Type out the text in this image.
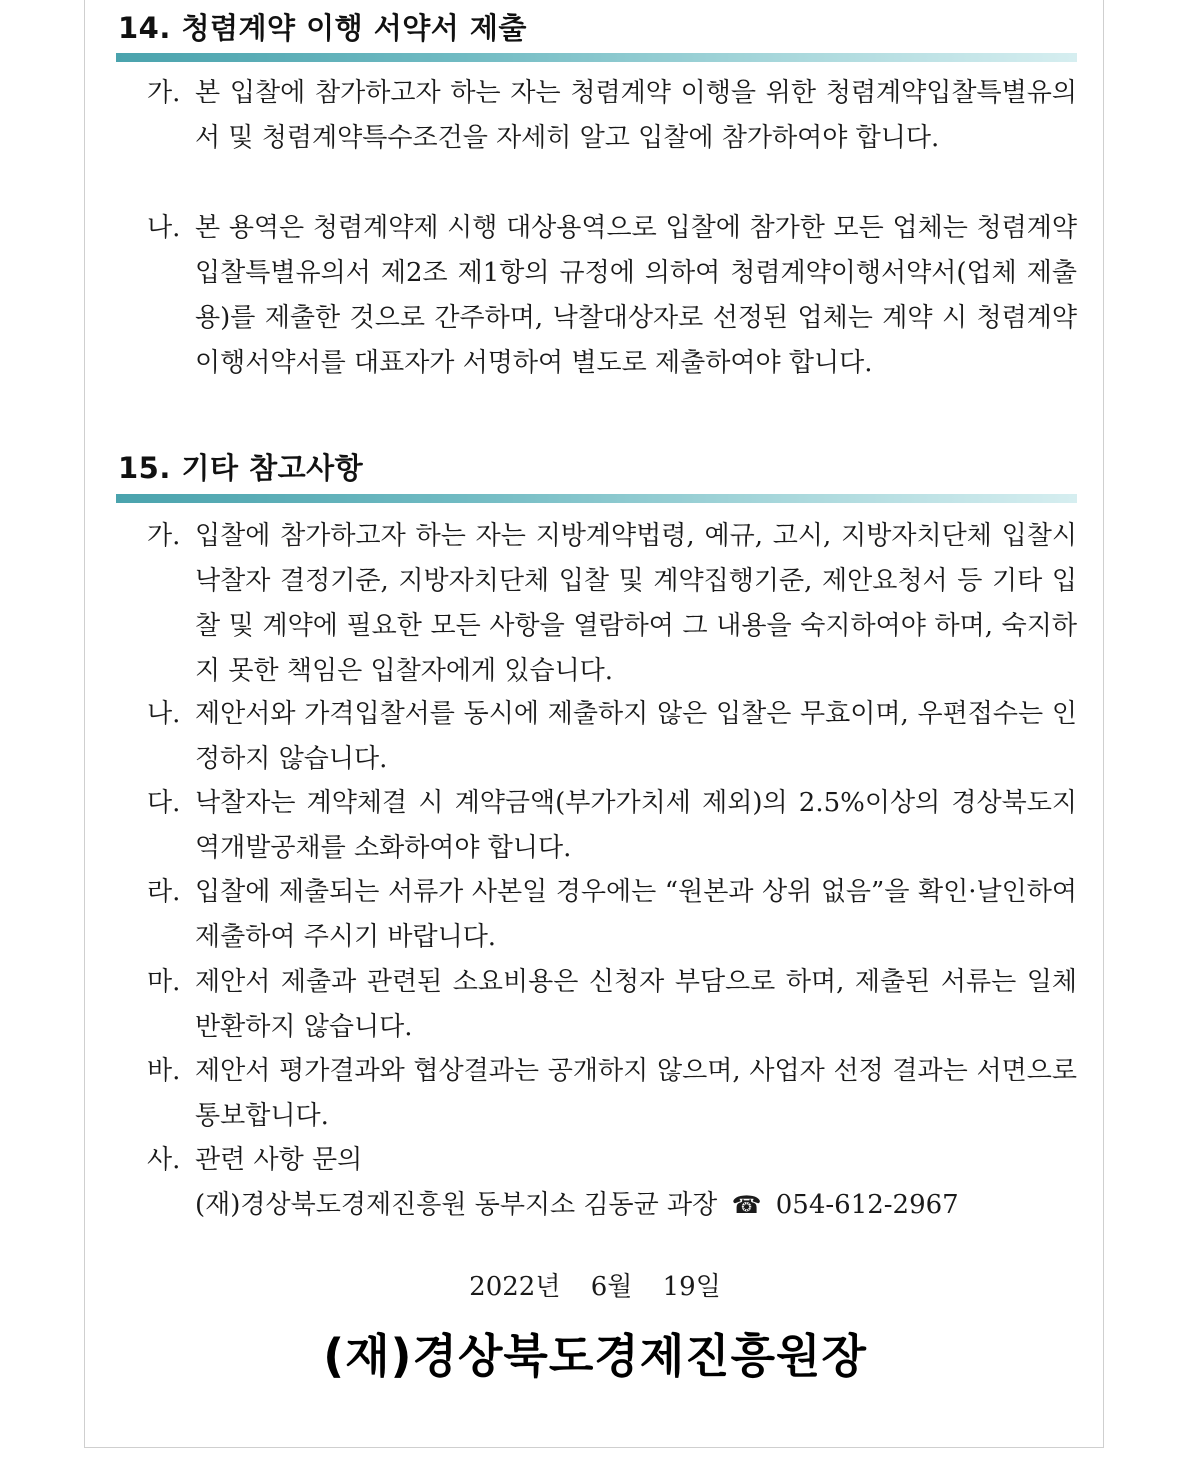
14. 청렴계약 이행 서약서 제출
가. 본 입찰에 참가하고자 하는 자는 청렴계약 이행을 위한 청렴계약입찰특별유의서 및 청렴계약특수조건을 자세히 알고 입찰에 참가하여야 합니다.
나. 본 용역은 청렴계약제 시행 대상용역으로 입찰에 참가한 모든 업체는 청렴계약입찰특별유의서 제2조 제1항의 규정에 의하여 청렴계약이행서약서(업체 제출용)를 제출한 것으로 간주하며, 낙찰대상자로 선정된 업체는 계약 시 청렴계약이행서약서를 대표자가 서명하여 별도로 제출하여야 합니다.
15. 기타 참고사항
가. 입찰에 참가하고자 하는 자는 지방계약법령, 예규, 고시, 지방자치단체 입찰시 낙찰자 결정기준, 지방자치단체 입찰 및 계약집행기준, 제안요청서 등 기타 입찰 및 계약에 필요한 모든 사항을 열람하여 그 내용을 숙지하여야 하며, 숙지하지 못한 책임은 입찰자에게 있습니다.
나. 제안서와 가격입찰서를 동시에 제출하지 않은 입찰은 무효이며, 우편접수는 인정하지 않습니다.
다. 낙찰자는 계약체결 시 계약금액(부가가치세 제외)의 2.5%이상의 경상북도지역개발공채를 소화하여야 합니다.
라. 입찰에 제출되는 서류가 사본일 경우에는 “원본과 상위 없음”을 확인·날인하여 제출하여 주시기 바랍니다.
마. 제안서 제출과 관련된 소요비용은 신청자 부담으로 하며, 제출된 서류는 일체 반환하지 않습니다.
바. 제안서 평가결과와 협상결과는 공개하지 않으며, 사업자 선정 결과는 서면으로 통보합니다.
사. 관련 사항 문의
(재)경상북도경제진흥원 동부지소 김동균 과장 ☎ 054-612-2967
2022년 6월 19일
(재)경상북도경제진흥원장
